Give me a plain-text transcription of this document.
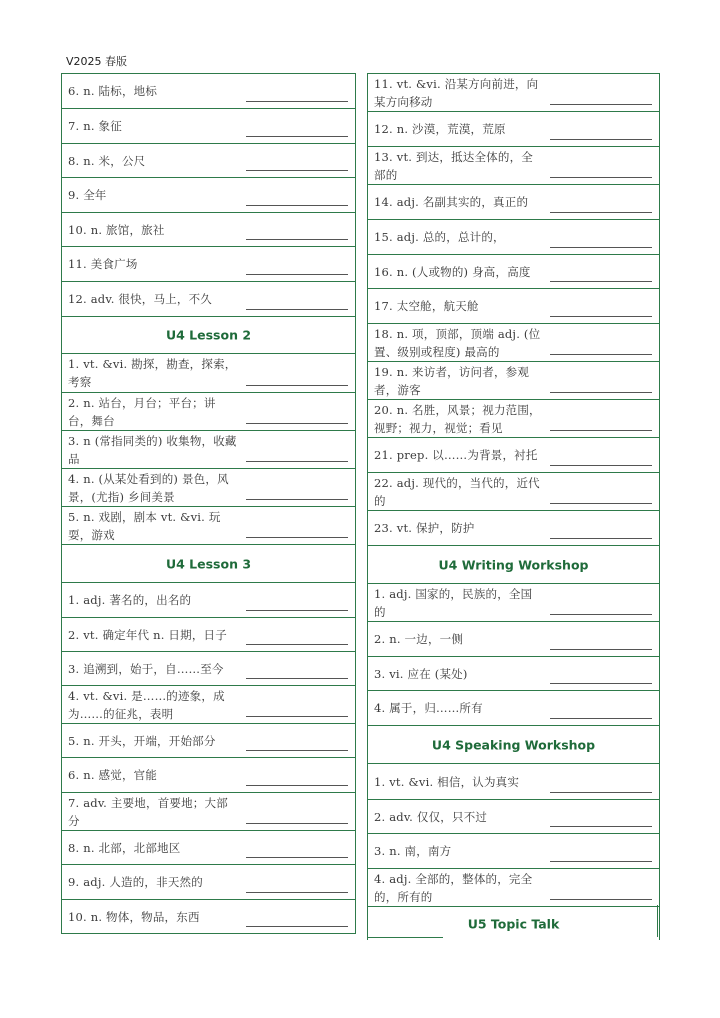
V2025 春版
6. n. 陆标，地标
7. n. 象征
8. n. 米，公尺
9. 全年
10. n. 旅馆，旅社
11. 美食广场
12. adv. 很快，马上，不久
U4 Lesson 2
1. vt. &vi. 勘探，勘查，探索，考察
2. n. 站台，月台；平台；讲台，舞台
3. n (常指同类的) 收集物，收藏品
4. n. (从某处看到的) 景色，风景，(尤指) 乡间美景
5. n. 戏剧，剧本 vt. &vi. 玩耍，游戏
U4 Lesson 3
1. adj. 著名的，出名的
2. vt. 确定年代 n. 日期，日子
3. 追溯到，始于，自……至今
4. vt. &vi. 是……的迹象，成为……的征兆，表明
5. n. 开头，开端，开始部分
6. n. 感觉，官能
7. adv. 主要地，首要地；大部分
8. n. 北部，北部地区
9. adj. 人造的，非天然的
10. n. 物体，物品，东西
11. vt. &vi. 沿某方向前进，向某方向移动
12. n. 沙漠，荒漠，荒原
13. vt. 到达，抵达全体的，全部的
14. adj. 名副其实的，真正的
15. adj. 总的，总计的，
16. n. (人或物的) 身高，高度
17. 太空舱，航天舱
18. n. 项，顶部，顶端 adj. (位置、级别或程度) 最高的
19. n. 来访者，访问者，参观者，游客
20. n. 名胜，风景；视力范围，视野；视力，视觉；看见
21. prep. 以……为背景，衬托
22. adj. 现代的，当代的，近代的
23. vt. 保护，防护
U4 Writing Workshop
1. adj. 国家的，民族的，全国的
2. n. 一边，一侧
3. vi. 应在 (某处)
4. 属于，归……所有
U4 Speaking Workshop
1. vt. &vi. 相信，认为真实
2. adv. 仅仅，只不过
3. n. 南，南方
4. adj. 全部的，整体的，完全的，所有的
U5 Topic Talk
